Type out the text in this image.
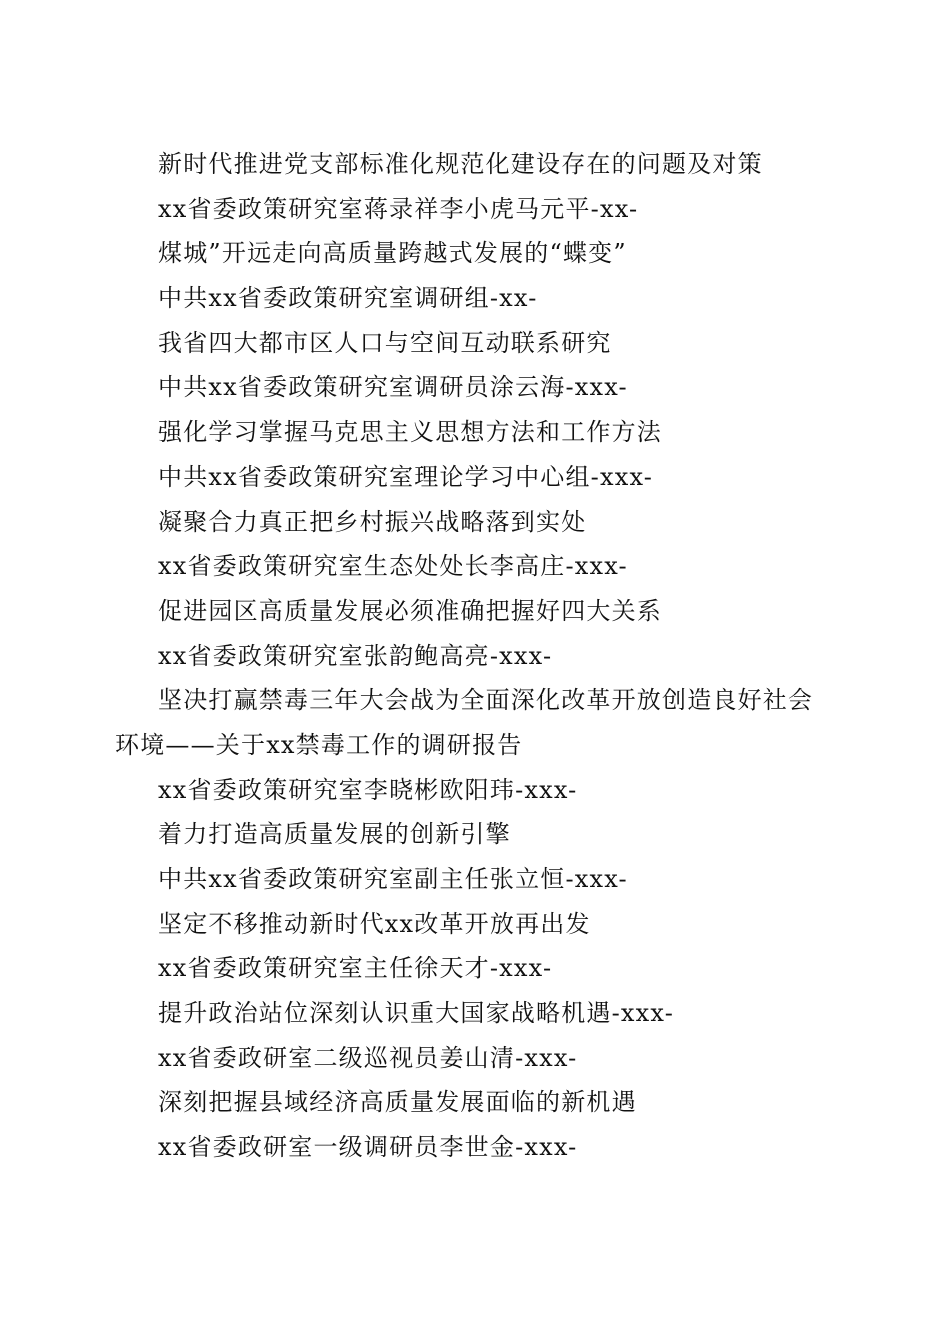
新时代推进党支部标准化规范化建设存在的问题及对策
xx省委政策研究室蒋录祥李小虎马元平-xx-
煤城”开远走向高质量跨越式发展的“蝶变”
中共xx省委政策研究室调研组-xx-
我省四大都市区人口与空间互动联系研究
中共xx省委政策研究室调研员涂云海-xxx-
强化学习掌握马克思主义思想方法和工作方法
中共xx省委政策研究室理论学习中心组-xxx-
凝聚合力真正把乡村振兴战略落到实处
xx省委政策研究室生态处处长李高庄-xxx-
促进园区高质量发展必须准确把握好四大关系
xx省委政策研究室张韵鲍高亮-xxx-
坚决打赢禁毒三年大会战为全面深化改革开放创造良好社会
环境——关于xx禁毒工作的调研报告
xx省委政策研究室李晓彬欧阳玮-xxx-
着力打造高质量发展的创新引擎
中共xx省委政策研究室副主任张立恒-xxx-
坚定不移推动新时代xx改革开放再出发
xx省委政策研究室主任徐天才-xxx-
提升政治站位深刻认识重大国家战略机遇-xxx-
xx省委政研室二级巡视员姜山清-xxx-
深刻把握县域经济高质量发展面临的新机遇
xx省委政研室一级调研员李世金-xxx-
